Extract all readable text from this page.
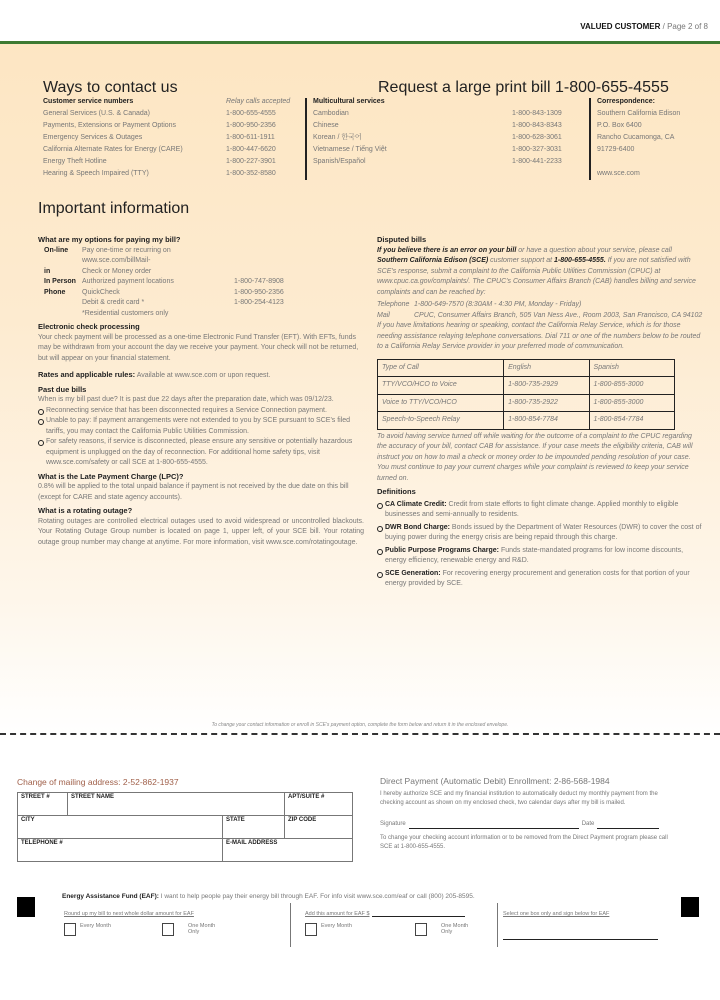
VALUED CUSTOMER / Page 2 of 8
Ways to contact us	Request a large print bill 1-800-655-4555
Customer service numbers	Relay calls accepted
General Services (U.S. & Canada)	1-800-655-4555
Payments, Extensions or Payment Options	1-800-950-2356
Emergency Services & Outages	1-800-611-1911
California Alternate Rates for Energy (CARE)	1-800-447-6620
Energy Theft Hotline	1-800-227-3901
Hearing & Speech Impaired (TTY)	1-800-352-8580
Multicultural services
Cambodian	1-800-843-1309
Chinese	1-800-843-8343
Korean / 한국어	1-800-628-3061
Vietnamese / Tiếng Việt	1-800-327-3031
Spanish/Español	1-800-441-2233
Correspondence:
Southern California Edison
P.O. Box 6400
Rancho Cucamonga, CA
91729-6400
www.sce.com
Important information
What are my options for paying my bill?
On-line	Pay one-time or recurring on www.sce.com/billMail-
in	Check or Money order
In Person Authorized payment locations	1-800-747-8908
Phone	QuickCheck	1-800-950-2356
Debit & credit card *	1-800-254-4123
*Residential customers only
Electronic check processing
Your check payment will be processed as a one-time Electronic Fund Transfer (EFT). With EFTs, funds may be withdrawn from your account the day we receive your payment. Your check will not be returned, but will appear on your financial statement.
Rates and applicable rules: Available at www.sce.com or upon request.
Past due bills
When is my bill past due? It is past due 22 days after the preparation date, which was 09/12/23.
Reconnecting service that has been disconnected requires a Service Connection payment.
Unable to pay: If payment arrangements were not extended to you by SCE pursuant to SCE's filed tariffs, you may contact the California Public Utilities Commission.
For safety reasons, if service is disconnected, please ensure any sensitive or potentially hazardous equipment is unplugged on the day of reconnection. For additional home safety tips, visit www.sce.com/safety or call SCE at 1-800-655-4555.
What is the Late Payment Charge (LPC)?
0.8% will be applied to the total unpaid balance if payment is not received by the due date on this bill (except for CARE and state agency accounts).
What is a rotating outage?
Rotating outages are controlled electrical outages used to avoid widespread or uncontrolled blackouts. Your Rotating Outage Group number is located on page 1, upper left, of your SCE bill. Your rotating outage group number may change at anytime. For more information, visit www.sce.com/rotatingoutage.
Disputed bills
If you believe there is an error on your bill or have a question about your service, please call Southern California Edison (SCE) customer support at 1-800-655-4555. If you are not satisfied with SCE's response, submit a complaint to the California Public Utilities Commission (CPUC) at www.cpuc.ca.gov/complaints/. The CPUC's Consumer Affairs Branch (CAB) handles billing and service complaints and can be reached by:
Telephone 1-800-649-7570 (8:30AM - 4:30 PM, Monday - Friday)
Mail	CPUC, Consumer Affairs Branch, 505 Van Ness Ave., Room 2003, San Francisco, CA 94102
If you have limitations hearing or speaking, contact the California Relay Service, which is for those needing assistance relaying telephone conversations. Dial 711 or one of the numbers below to be routed to a California Relay Service provider in your preferred mode of communication.
Type of Call	English	Spanish
TTY/VCO/HCO to Voice	1-800-735-2929	1-800-855-3000
Voice to TTY/VCO/HCO	1-800-735-2922	1-800-855-3000
Speech-to-Speech Relay	1-800-854-7784	1-800-854-7784
To avoid having service turned off while waiting for the outcome of a complaint to the CPUC regarding the accuracy of your bill, contact CAB for assistance. If your case meets the eligibility criteria, CAB will instruct you on how to mail a check or money order to be impounded pending resolution of your case. You must continue to pay your current charges while your complaint is reviewed to keep your service turned on.
Definitions
CA Climate Credit: Credit from state efforts to fight climate change. Applied monthly to eligible businesses and semi-annually to residents.
DWR Bond Charge: Bonds issued by the Department of Water Resources (DWR) to cover the cost of buying power during the energy crisis are being repaid through this charge.
Public Purpose Programs Charge: Funds state-mandated programs for low income discounts, energy efficiency, renewable energy and R&D.
SCE Generation: For recovering energy procurement and generation costs for that portion of your energy provided by SCE.
To change your contact information or enroll in SCE's payment option, complete the form below and return it in the enclosed envelope.
Change of mailing address: 2-52-862-1937
STREET #	STREET NAME		APT/SUITE #
CITY		STATE	ZIP CODE
TELEPHONE #		E-MAIL ADDRESS	
Direct Payment (Automatic Debit) Enrollment: 2-86-568-1984
I hereby authorize SCE and my financial institution to automatically deduct my monthly payment from the checking account as shown on my enclosed check, two calendar days after my bill is mailed.
Signature	Date
To change your checking account information or to be removed from the Direct Payment program please call SCE at 1-800-655-4555.
Energy Assistance Fund (EAF): I want to help people pay their energy bill through EAF. For info visit www.sce.com/eaf or call (800) 205-8595.
Round up my bill to next whole dollar amount for EAF
Every Month	One Month Only
Add this amount for EAF $
Every Month	One Month Only
Select one box only and sign below for EAF
